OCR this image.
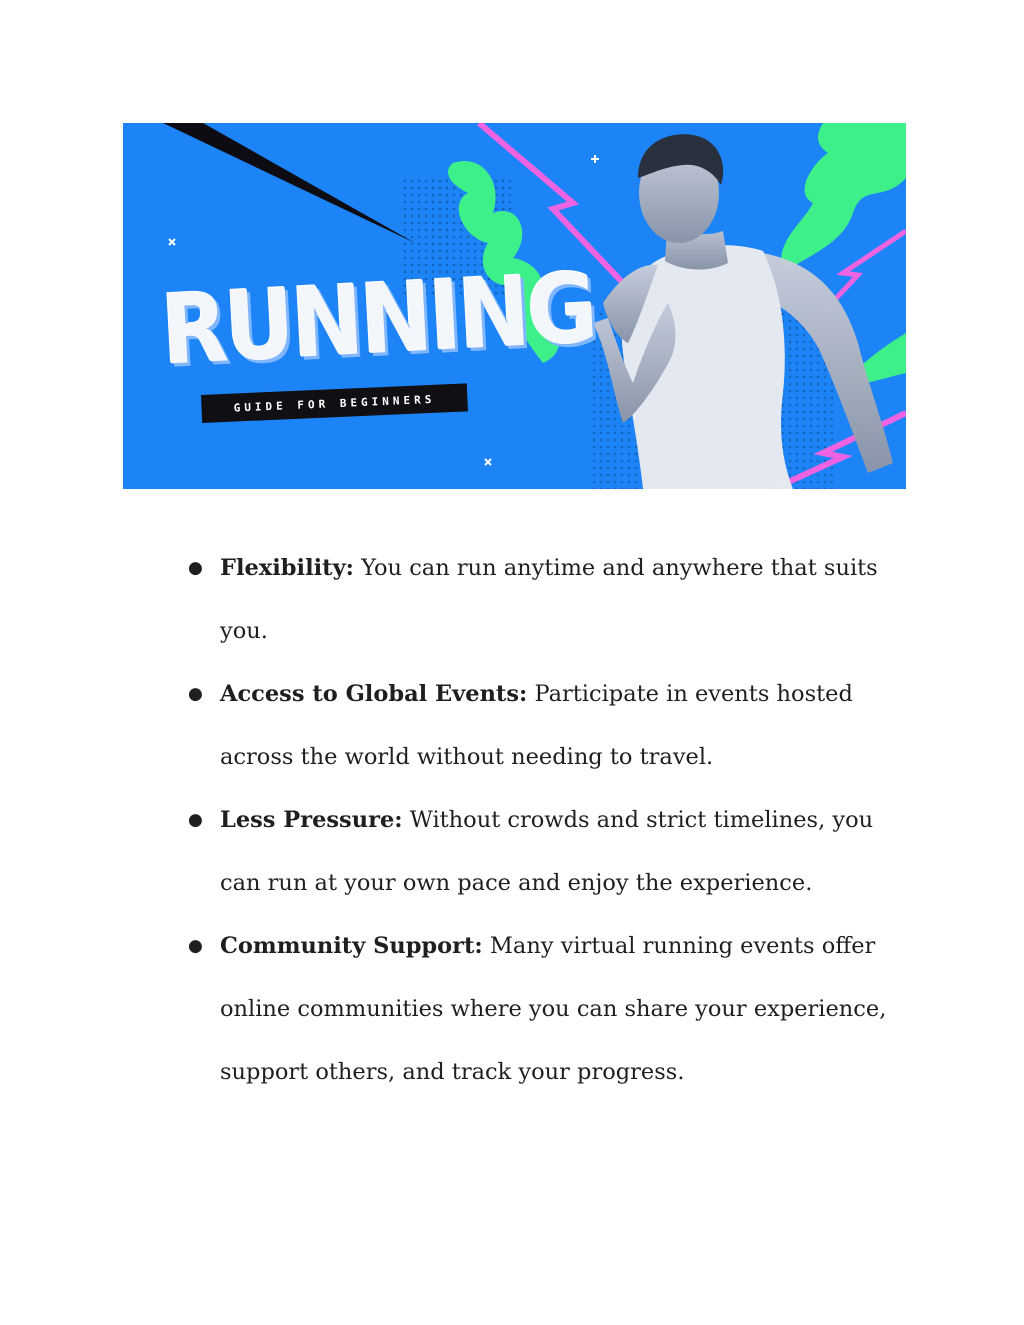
RUNNING
GUIDE FOR BEGINNERS
● Flexibility: You can run anytime and anywhere that suits you.
● Access to Global Events: Participate in events hosted across the world without needing to travel.
● Less Pressure: Without crowds and strict timelines, you can run at your own pace and enjoy the experience.
● Community Support: Many virtual running events offer online communities where you can share your experience, support others, and track your progress.
